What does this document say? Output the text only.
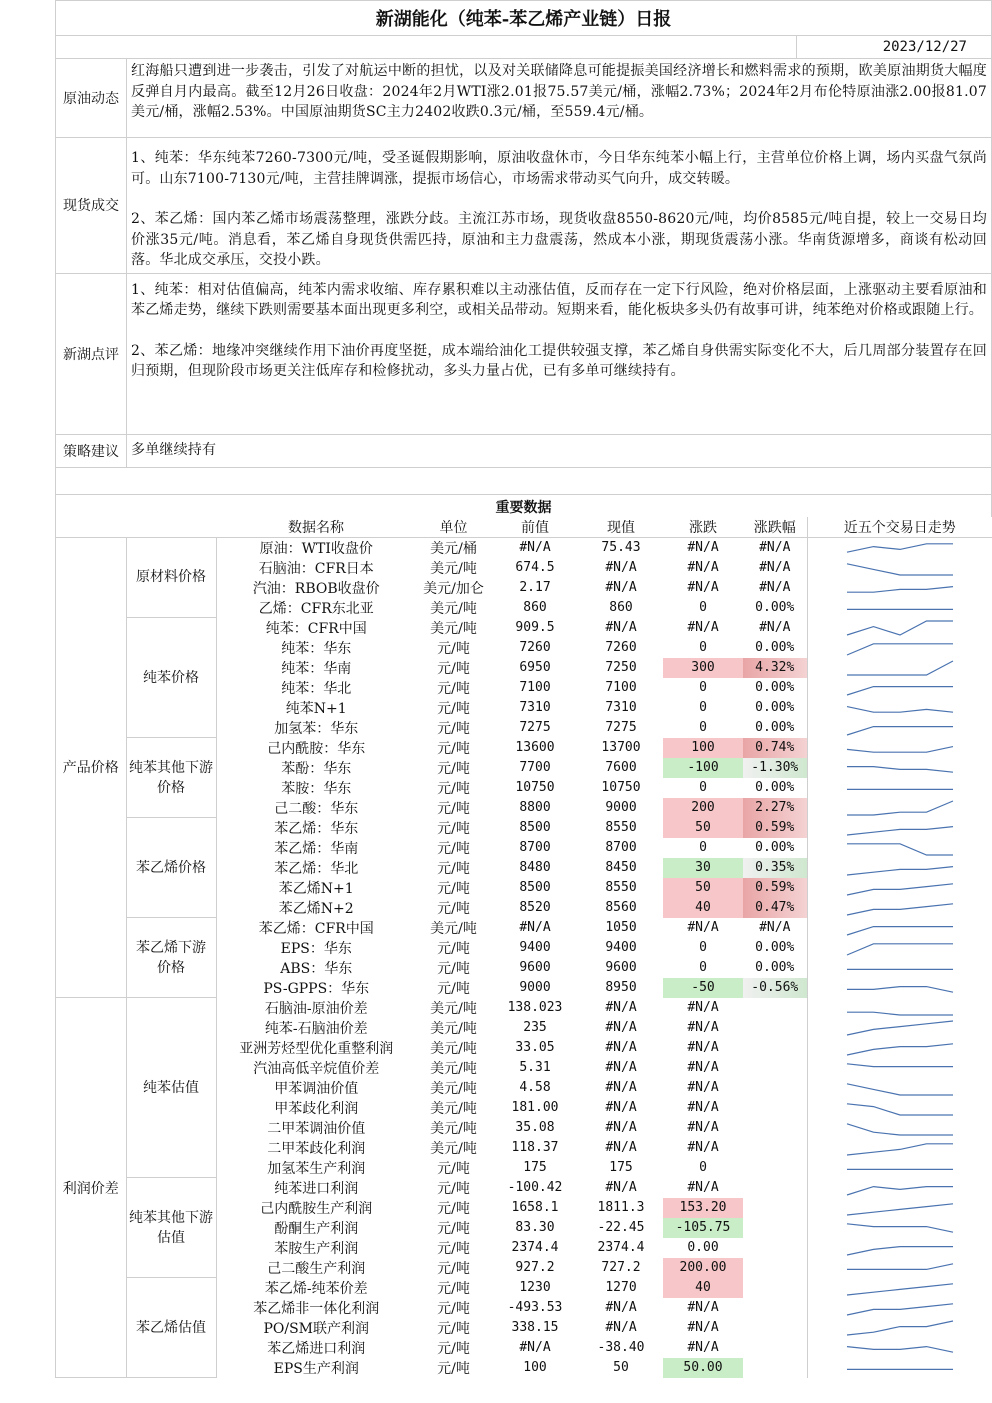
新湖能化（纯苯-苯乙烯产业链）日报
2023/12/27
原油动态

红海船只遭到进一步袭击，引发了对航运中断的担忧，以及对关联储降息可能提振美国经济增长和燃料需求的预期，欧美原油期货大幅度反弹自月内最高。截至12月26日收盘：2024年2月WTI涨2.01报75.57美元/桶，涨幅2.73%；2024年2月布伦特原油涨2.00报81.07美元/桶，涨幅2.53%。中国原油期货SC主力2402收跌0.3元/桶，至559.4元/桶。

现货成交

1、纯苯：华东纯苯7260-7300元/吨，受圣诞假期影响，原油收盘休市，今日华东纯苯小幅上行，主营单位价格上调，场内买盘气氛尚可。山东7100-7130元/吨，主营挂牌调涨，提振市场信心，市场需求带动买气向升，成交转暖。

2、苯乙烯：国内苯乙烯市场震荡整理，涨跌分歧。主流江苏市场，现货收盘8550-8620元/吨，均价8585元/吨自提，较上一交易日均价涨35元/吨。消息看，苯乙烯自身现货供需匹持，原油和主力盘震荡，然成本小涨，期现货震荡小涨。华南货源增多，商谈有松动回落。华北成交承压，交投小跌。

新湖点评

1、纯苯：相对估值偏高，纯苯内需求收缩、库存累积难以主动涨估值，反而存在一定下行风险，绝对价格层面，上涨驱动主要看原油和苯乙烯走势，继续下跌则需要基本面出现更多利空，或相关品带动。短期来看，能化板块多头仍有故事可讲，纯苯绝对价格或跟随上行。

2、苯乙烯：地缘冲突继续作用下油价再度坚挺，成本端给油化工提供较强支撑，苯乙烯自身供需实际变化不大，后几周部分装置存在回归预期，但现阶段市场更关注低库存和检修扰动，多头力量占优，已有多单可继续持有。

策略建议 多单继续持有

重要数据
		数据名称	单位	前值	现值	涨跌	涨跌幅	近五个交易日走势
产品价格	原材料价格	原油：WTI收盘价	美元/桶	#N/A	75.43	#N/A	#N/A	

		石脑油：CFR日本	美元/吨	674.5	#N/A	#N/A	#N/A	

		汽油：RBOB收盘价	美元/加仑	2.17	#N/A	#N/A	#N/A	

		乙烯：CFR东北亚	美元/吨	860	860	0	0.00%	

	纯苯价格	纯苯：CFR中国	美元/吨	909.5	#N/A	#N/A	#N/A	

		纯苯：华东	元/吨	7260	7260	0	0.00%	

		纯苯：华南	元/吨	6950	7250	300	4.32%	

		纯苯：华北	元/吨	7100	7100	0	0.00%	

		纯苯N+1	元/吨	7310	7310	0	0.00%	

		加氢苯：华东	元/吨	7275	7275	0	0.00%	

	纯苯其他下游
价格	己内酰胺：华东	元/吨	13600	13700	100	0.74%	

		苯酚：华东	元/吨	7700	7600	-100	-1.30%	

		苯胺：华东	元/吨	10750	10750	0	0.00%	

		己二酸：华东	元/吨	8800	9000	200	2.27%	

	苯乙烯价格	苯乙烯：华东	元/吨	8500	8550	50	0.59%	

		苯乙烯：华南	元/吨	8700	8700	0	0.00%	

		苯乙烯：华北	元/吨	8480	8450	30	0.35%	

		苯乙烯N+1	元/吨	8500	8550	50	0.59%	

		苯乙烯N+2	元/吨	8520	8560	40	0.47%	

	苯乙烯下游
价格	苯乙烯：CFR中国	美元/吨	#N/A	1050	#N/A	#N/A	

		EPS：华东	元/吨	9400	9400	0	0.00%	

		ABS：华东	元/吨	9600	9600	0	0.00%	

		PS-GPPS：华东	元/吨	9000	8950	-50	-0.56%	

利润价差	纯苯估值	石脑油-原油价差	美元/吨	138.023	#N/A	#N/A		

		纯苯-石脑油价差	美元/吨	235	#N/A	#N/A		

		亚洲芳烃型优化重整利润	美元/吨	33.05	#N/A	#N/A		

		汽油高低辛烷值价差	美元/吨	5.31	#N/A	#N/A		

		甲苯调油价值	美元/吨	4.58	#N/A	#N/A		

		甲苯歧化利润	美元/吨	181.00	#N/A	#N/A		

		二甲苯调油价值	美元/吨	35.08	#N/A	#N/A		

		二甲苯歧化利润	美元/吨	118.37	#N/A	#N/A		

		加氢苯生产利润	元/吨	175	175	0		

	纯苯其他下游
估值	纯苯进口利润	元/吨	-100.42	#N/A	#N/A		

		己内酰胺生产利润	元/吨	1658.1	1811.3	153.20		

		酚酮生产利润	元/吨	83.30	-22.45	-105.75		

		苯胺生产利润	元/吨	2374.4	2374.4	0.00		

		己二酸生产利润	元/吨	927.2	727.2	200.00		

	苯乙烯估值	苯乙烯-纯苯价差	元/吨	1230	1270	40		

		苯乙烯非一体化利润	元/吨	-493.53	#N/A	#N/A		

		PO/SM联产利润	元/吨	338.15	#N/A	#N/A		

		苯乙烯进口利润	元/吨	#N/A	-38.40	#N/A		

		EPS生产利润	元/吨	100	50	50.00		
